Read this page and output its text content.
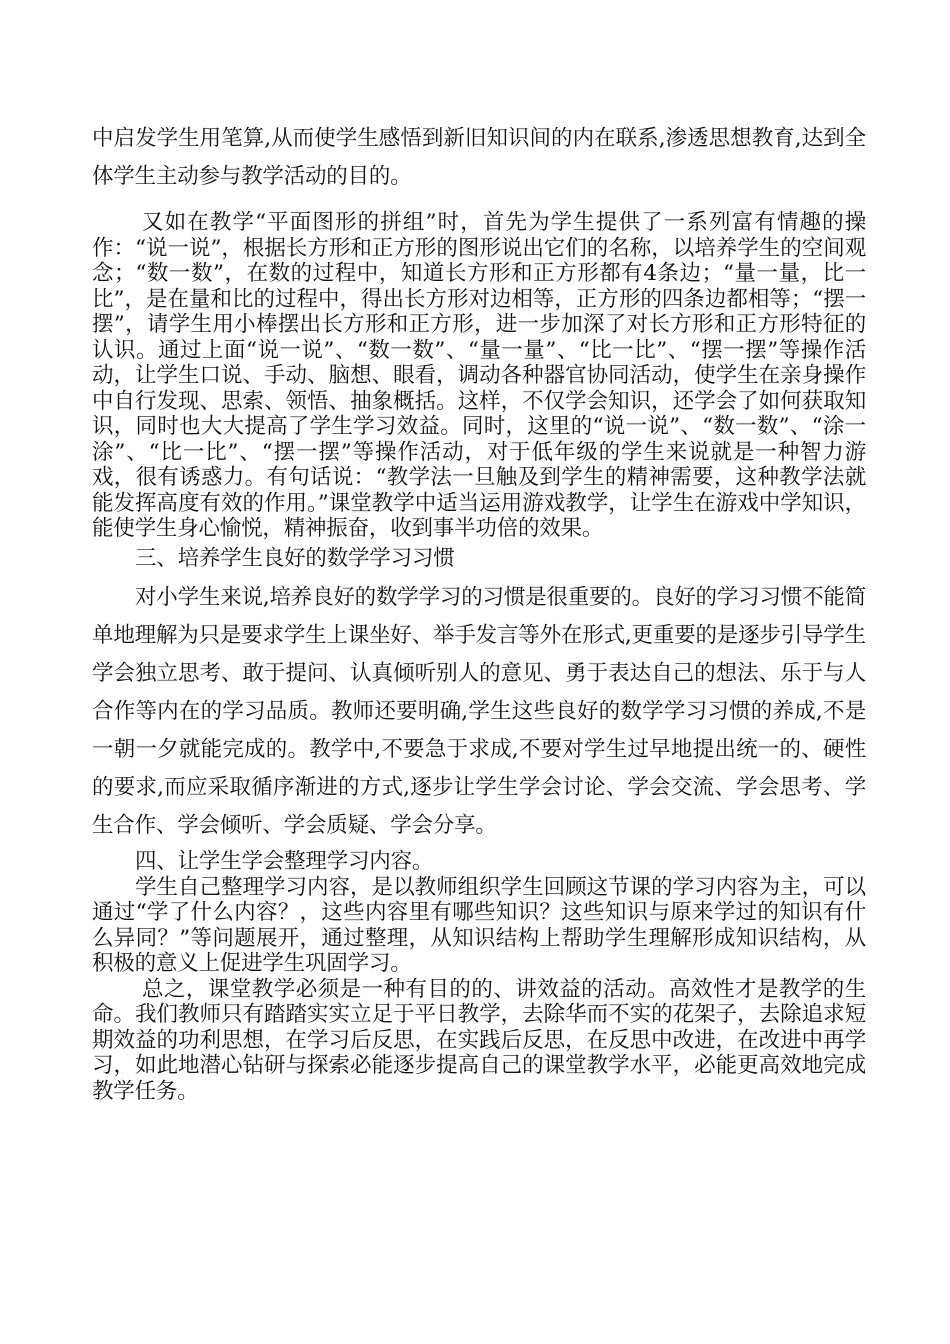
中启发学生用笔算,从而使学生感悟到新旧知识间的内在联系,渗透思想教育,达到全体学生主动参与教学活动的目的。

又如在教学“平面图形的拼组”时，首先为学生提供了一系列富有情趣的操作：“说一说”，根据长方形和正方形的图形说出它们的名称，以培养学生的空间观念；“数一数”，在数的过程中，知道长方形和正方形都有4条边；“量一量，比一比”，是在量和比的过程中，得出长方形对边相等，正方形的四条边都相等；“摆一摆”，请学生用小棒摆出长方形和正方形，进一步加深了对长方形和正方形特征的认识。通过上面“说一说”、“数一数”、“量一量”、“比一比”、“摆一摆”等操作活动，让学生口说、手动、脑想、眼看，调动各种器官协同活动，使学生在亲身操作中自行发现、思索、领悟、抽象概括。这样，不仅学会知识，还学会了如何获取知识，同时也大大提高了学生学习效益。同时，这里的“说一说”、“数一数”、“涂一涂”、“比一比”、“摆一摆”等操作活动，对于低年级的学生来说就是一种智力游戏，很有诱惑力。有句话说：“教学法一旦触及到学生的精神需要，这种教学法就能发挥高度有效的作用。”课堂教学中适当运用游戏教学，让学生在游戏中学知识，能使学生身心愉悦，精神振奋，收到事半功倍的效果。

三、培养学生良好的数学学习习惯

对小学生来说,培养良好的数学学习的习惯是很重要的。良好的学习习惯不能简单地理解为只是要求学生上课坐好、举手发言等外在形式,更重要的是逐步引导学生学会独立思考、敢于提问、认真倾听别人的意见、勇于表达自己的想法、乐于与人合作等内在的学习品质。教师还要明确,学生这些良好的数学学习习惯的养成,不是一朝一夕就能完成的。教学中,不要急于求成,不要对学生过早地提出统一的、硬性的要求,而应采取循序渐进的方式,逐步让学生学会讨论、学会交流、学会思考、学生合作、学会倾听、学会质疑、学会分享。

四、让学生学会整理学习内容。

学生自己整理学习内容，是以教师组织学生回顾这节课的学习内容为主，可以通过“学了什么内容？，这些内容里有哪些知识？这些知识与原来学过的知识有什么异同？”等问题展开，通过整理，从知识结构上帮助学生理解形成知识结构，从积极的意义上促进学生巩固学习。

总之，课堂教学必须是一种有目的的、讲效益的活动。高效性才是教学的生命。我们教师只有踏踏实实立足于平日教学，去除华而不实的花架子，去除追求短期效益的功利思想，在学习后反思，在实践后反思，在反思中改进，在改进中再学习，如此地潜心钻研与探索必能逐步提高自己的课堂教学水平，必能更高效地完成教学任务。
